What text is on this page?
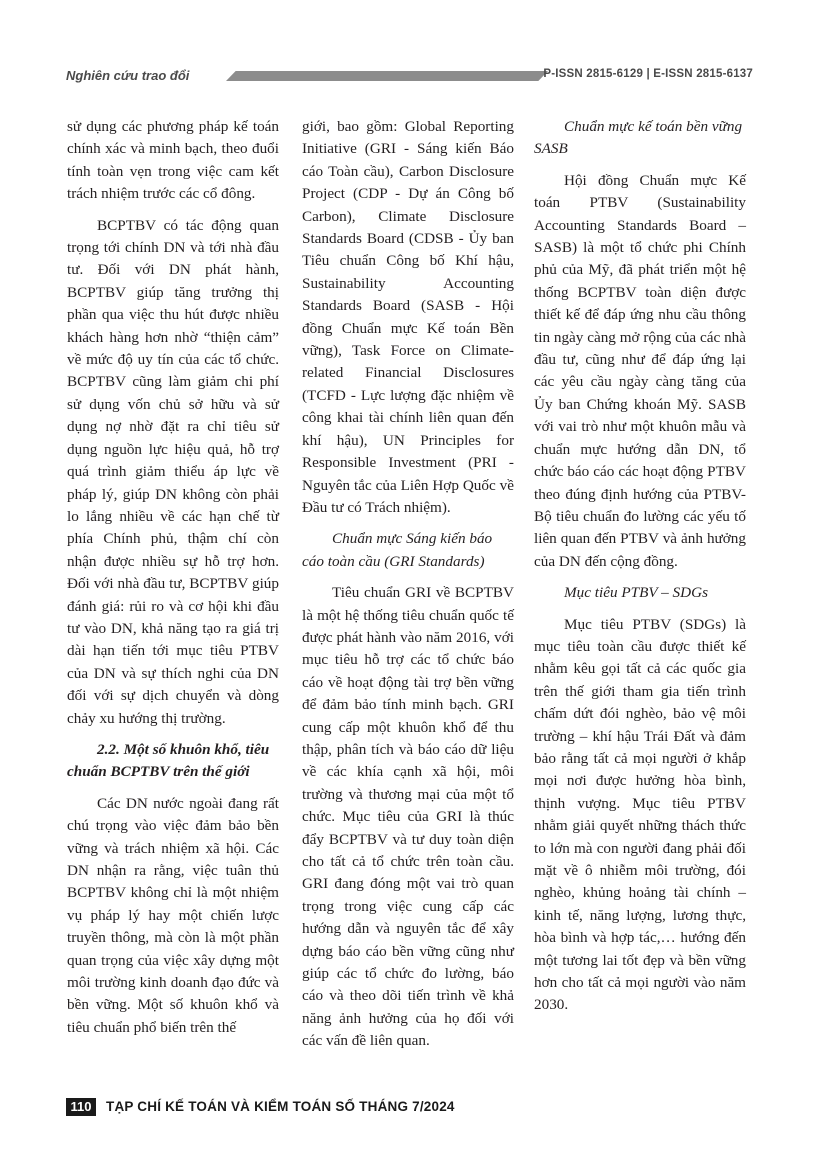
Nghiên cứu trao đổi	P-ISSN 2815-6129 | E-ISSN 2815-6137

sử dụng các phương pháp kế toán chính xác và minh bạch, theo đuổi tính toàn vẹn trong việc cam kết trách nhiệm trước các cổ đông.

BCPTBV có tác động quan trọng tới chính DN và tới nhà đầu tư. Đối với DN phát hành, BCPTBV giúp tăng trưởng thị phần qua việc thu hút được nhiều khách hàng hơn nhờ “thiện cảm” về mức độ uy tín của các tổ chức. BCPTBV cũng làm giảm chi phí sử dụng vốn chủ sở hữu và sử dụng nợ nhờ đặt ra chỉ tiêu sử dụng nguồn lực hiệu quả, hỗ trợ quá trình giảm thiểu áp lực về pháp lý, giúp DN không còn phải lo lắng nhiều về các hạn chế từ phía Chính phủ, thậm chí còn nhận được nhiều sự hỗ trợ hơn. Đối với nhà đầu tư, BCPTBV giúp đánh giá: rủi ro và cơ hội khi đầu tư vào DN, khả năng tạo ra giá trị dài hạn tiến tới mục tiêu PTBV của DN và sự thích nghi của DN đối với sự dịch chuyển và dòng chảy xu hướng thị trường.

2.2. Một số khuôn khổ, tiêu chuẩn BCPTBV trên thế giới

Các DN nước ngoài đang rất chú trọng vào việc đảm bảo bền vững và trách nhiệm xã hội. Các DN nhận ra rằng, việc tuân thủ BCPTBV không chỉ là một nhiệm vụ pháp lý hay một chiến lược truyền thông, mà còn là một phần quan trọng của việc xây dựng một môi trường kinh doanh đạo đức và bền vững. Một số khuôn khổ và tiêu chuẩn phổ biến trên thế

giới, bao gồm: Global Reporting Initiative (GRI - Sáng kiến Báo cáo Toàn cầu), Carbon Disclosure Project (CDP - Dự án Công bố Carbon), Climate Disclosure Standards Board (CDSB - Ủy ban Tiêu chuẩn Công bố Khí hậu, Sustainability Accounting Standards Board (SASB - Hội đồng Chuẩn mực Kế toán Bền vững), Task Force on Climate-related Financial Disclosures (TCFD - Lực lượng đặc nhiệm về công khai tài chính liên quan đến khí hậu), UN Principles for Responsible Investment (PRI - Nguyên tắc của Liên Hợp Quốc về Đầu tư có Trách nhiệm).

Chuẩn mực Sáng kiến báo cáo toàn cầu (GRI Standards)

Tiêu chuẩn GRI về BCPTBV là một hệ thống tiêu chuẩn quốc tế được phát hành vào năm 2016, với mục tiêu hỗ trợ các tổ chức báo cáo về hoạt động tài trợ bền vững để đảm bảo tính minh bạch. GRI cung cấp một khuôn khổ để thu thập, phân tích và báo cáo dữ liệu về các khía cạnh xã hội, môi trường và thương mại của một tổ chức. Mục tiêu của GRI là thúc đẩy BCPTBV và tư duy toàn diện cho tất cả tổ chức trên toàn cầu. GRI đang đóng một vai trò quan trọng trong việc cung cấp các hướng dẫn và nguyên tắc để xây dựng báo cáo bền vững cũng như giúp các tổ chức đo lường, báo cáo và theo dõi tiến trình về khả năng ảnh hưởng của họ đối với các vấn đề liên quan.

Chuẩn mực kế toán bền vững SASB

Hội đồng Chuẩn mực Kế toán PTBV (Sustainability Accounting Standards Board – SASB) là một tổ chức phi Chính phủ của Mỹ, đã phát triển một hệ thống BCPTBV toàn diện được thiết kế để đáp ứng nhu cầu thông tin ngày càng mở rộng của các nhà đầu tư, cũng như để đáp ứng lại các yêu cầu ngày càng tăng của Ủy ban Chứng khoán Mỹ. SASB với vai trò như một khuôn mẫu và chuẩn mực hướng dẫn DN, tổ chức báo cáo các hoạt động PTBV theo đúng định hướng của PTBV- Bộ tiêu chuẩn đo lường các yếu tố liên quan đến PTBV và ảnh hưởng của DN đến cộng đồng.

Mục tiêu PTBV – SDGs

Mục tiêu PTBV (SDGs) là mục tiêu toàn cầu được thiết kế nhằm kêu gọi tất cả các quốc gia trên thế giới tham gia tiến trình chấm dứt đói nghèo, bảo vệ môi trường – khí hậu Trái Đất và đảm bảo rằng tất cả mọi người ở khắp mọi nơi được hưởng hòa bình, thịnh vượng. Mục tiêu PTBV nhằm giải quyết những thách thức to lớn mà con người đang phải đối mặt về ô nhiễm môi trường, đói nghèo, khủng hoảng tài chính – kinh tế, năng lượng, lương thực, hòa bình và hợp tác,… hướng đến một tương lai tốt đẹp và bền vững hơn cho tất cả mọi người vào năm 2030.

110	TẠP CHÍ KẾ TOÁN VÀ KIỂM TOÁN SỐ THÁNG 7/2024
